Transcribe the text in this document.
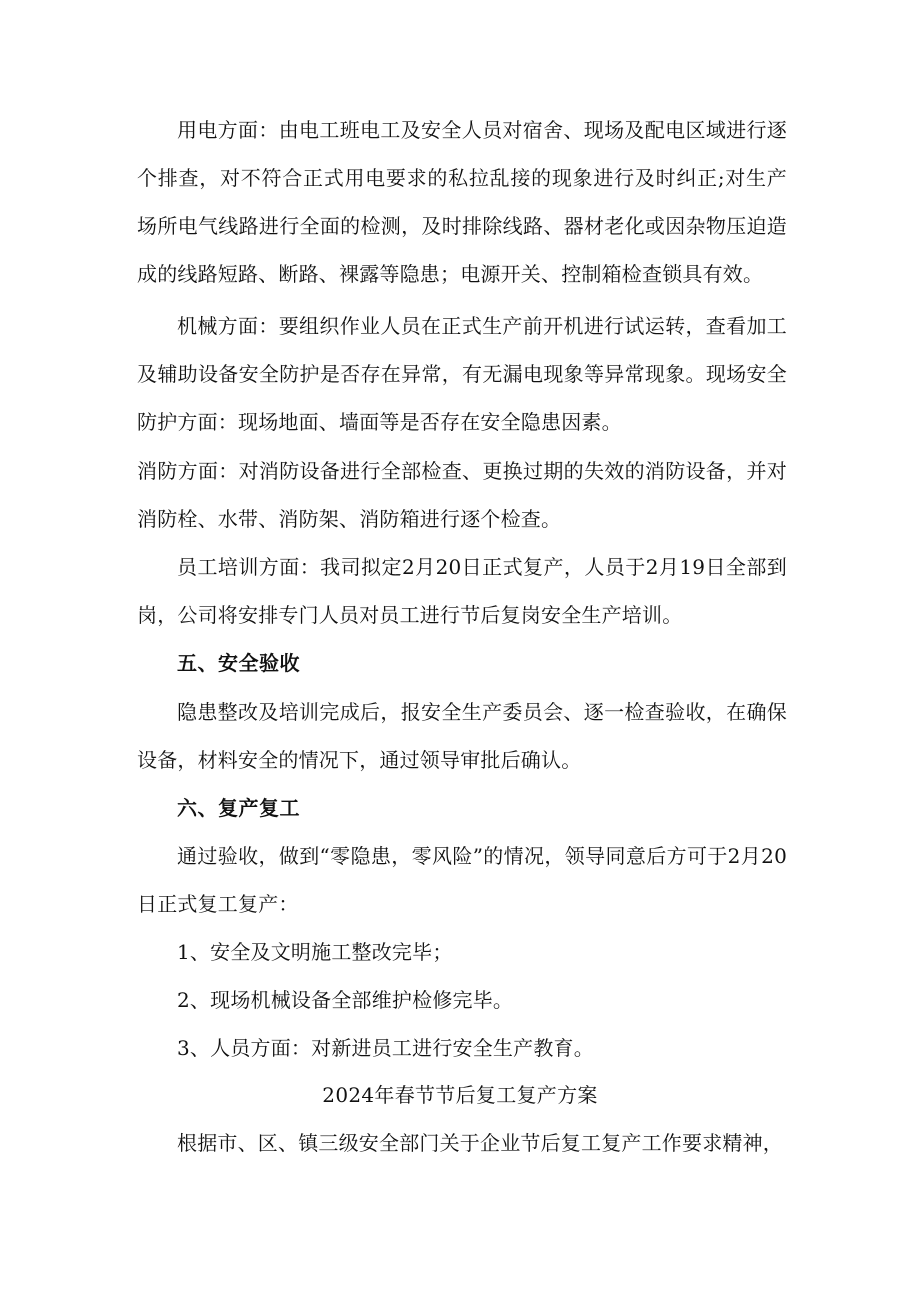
用电方面：由电工班电工及安全人员对宿舍、现场及配电区域进行逐个排查，对不符合正式用电要求的私拉乱接的现象进行及时纠正;对生产场所电气线路进行全面的检测，及时排除线路、器材老化或因杂物压迫造成的线路短路、断路、裸露等隐患；电源开关、控制箱检查锁具有效。

机械方面：要组织作业人员在正式生产前开机进行试运转，查看加工及辅助设备安全防护是否存在异常，有无漏电现象等异常现象。现场安全防护方面：现场地面、墙面等是否存在安全隐患因素。

消防方面：对消防设备进行全部检查、更换过期的失效的消防设备，并对消防栓、水带、消防架、消防箱进行逐个检查。

员工培训方面：我司拟定2月20日正式复产，人员于2月19日全部到岗，公司将安排专门人员对员工进行节后复岗安全生产培训。

五、安全验收

隐患整改及培训完成后，报安全生产委员会、逐一检查验收，在确保设备，材料安全的情况下，通过领导审批后确认。

六、复产复工

通过验收，做到“零隐患，零风险”的情况，领导同意后方可于2月20日正式复工复产：

1、安全及文明施工整改完毕；

2、现场机械设备全部维护检修完毕。

3、人员方面：对新进员工进行安全生产教育。

2024年春节节后复工复产方案

根据市、区、镇三级安全部门关于企业节后复工复产工作要求精神，
